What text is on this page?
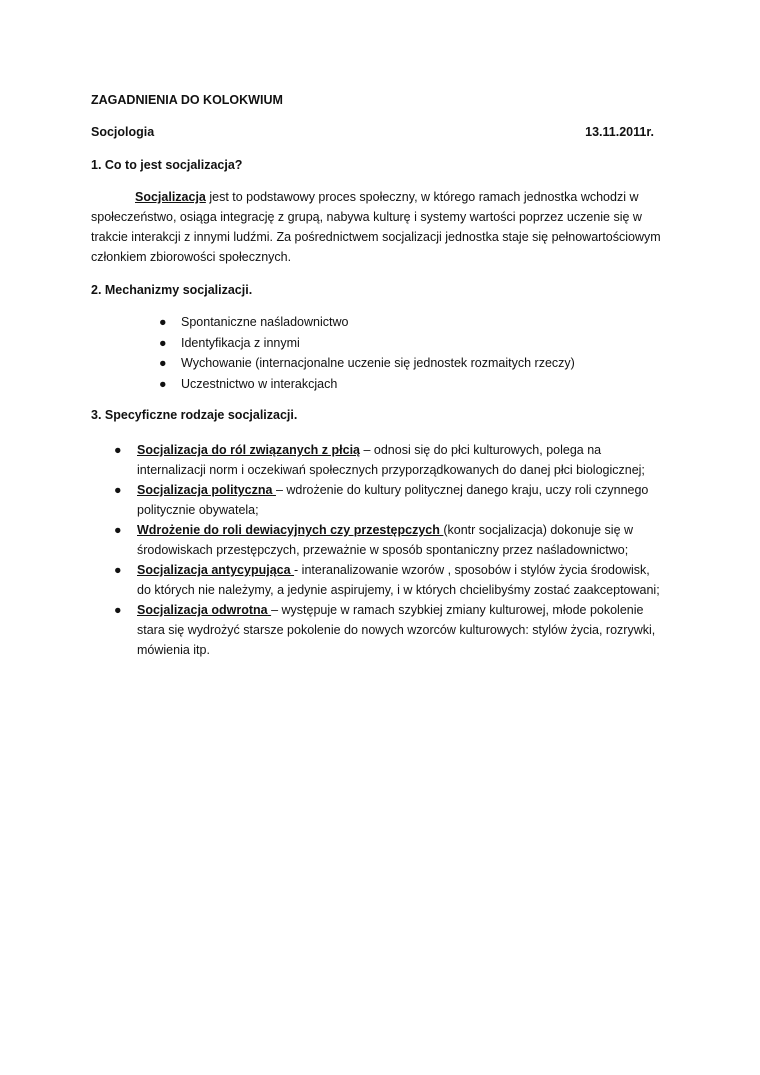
ZAGADNIENIA DO KOLOKWIUM
Socjologia	13.11.2011r.
1. Co to jest socjalizacja?

Socjalizacja jest to podstawowy proces społeczny, w którego ramach jednostka wchodzi w społeczeństwo, osiąga integrację z grupą, nabywa kulturę i systemy wartości poprzez uczenie się w trakcie interakcji z innymi ludźmi. Za pośrednictwem socjalizacji jednostka staje się pełnowartościowym członkiem zbiorowości społecznych.

2. Mechanizmy socjalizacji.
● Spontaniczne naśladownictwo
● Identyfikacja z innymi
● Wychowanie (internacjonalne uczenie się jednostek rozmaitych rzeczy)
● Uczestnictwo w interakcjach
3. Specyficzne rodzaje socjalizacji.
● Socjalizacja do ról związanych z płcią – odnosi się do płci kulturowych, polega na internalizacji norm i oczekiwań społecznych przyporządkowanych do danej płci biologicznej;
● Socjalizacja polityczna – wdrożenie do kultury politycznej danego kraju, uczy roli czynnego politycznie obywatela;
● Wdrożenie do roli dewiacyjnych czy przestępczych (kontr socjalizacja) dokonuje się w środowiskach przestępczych, przeważnie w sposób spontaniczny przez naśladownictwo;
● Socjalizacja antycypująca - interanalizowanie wzorów , sposobów i stylów życia środowisk, do których nie należymy, a jedynie aspirujemy, i w których chcielibyśmy zostać zaakceptowani;
● Socjalizacja odwrotna – występuje w ramach szybkiej zmiany kulturowej, młode pokolenie stara się wydrożyć starsze pokolenie do nowych wzorców kulturowych: stylów życia, rozrywki, mówienia itp.
